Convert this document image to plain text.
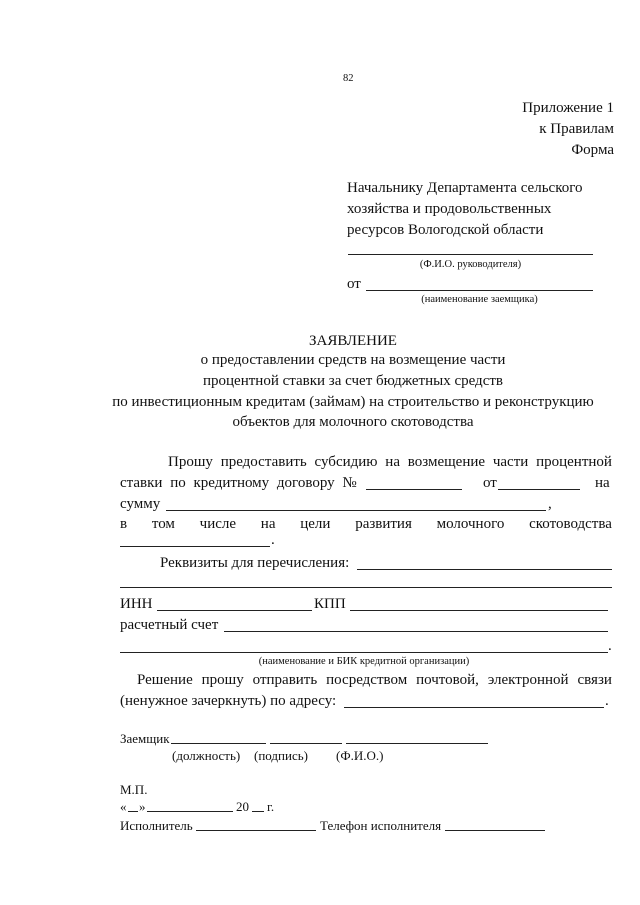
82
Приложение 1
к Правилам
Форма
Начальнику Департамента сельского
хозяйства и продовольственных
ресурсов Вологодской области
(Ф.И.О. руководителя)
от
(наименование заемщика)
ЗАЯВЛЕНИЕ
о предоставлении средств на возмещение части
процентной ставки за счет бюджетных средств
по инвестиционным кредитам (займам) на строительство и реконструкцию
объектов для молочного скотоводства
Прошу предоставить субсидию на возмещение части процентной
ставки по кредитному договору №	от	на
сумму	,
в том числе на цели развития молочного скотоводства
.
Реквизиты для перечисления:
ИНН	КПП
расчетный счет
.
(наименование и БИК кредитной организации)
Решение прошу отправить посредством почтовой, электронной связи
(ненужное зачеркнуть) по адресу:	.
Заемщик
(должность) (подпись) (Ф.И.О.)
М.П.
« »	20 г.
Исполнитель	Телефон исполнителя
